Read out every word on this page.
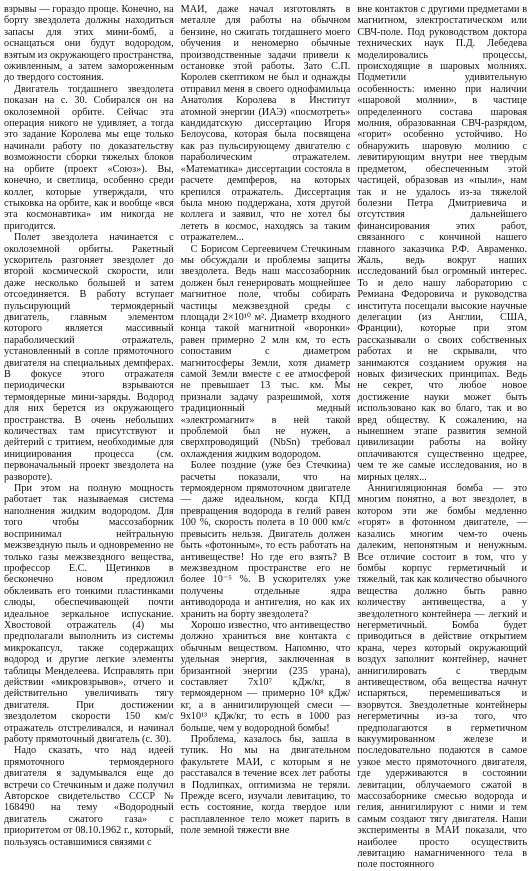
взрывы — гораздо проще. Конечно, на борту звездолета должны находиться запасы для этих мини-бомб, а оснащаться они будут водородом, взятым из окружающего пространства, оживленным, а затем замороженным до твердого состояния.

Двигатель тогдашнего звездолета показан на с. 30. Собирался он на околоземной орбите. Сейчас эта операция никого не удивляет, а тогда это задание Королева мы еще только начинали работу по доказательству возможности сборки тяжелых блоков на орбите (проект «Союз»). Вы, конечно, и светлица, особенно среди коллег, которые утверждали, что стыковка на орбите, как и вообще «вся эта космонавтика» им никогда не пригодится.

Полет звездолета начинается с околоземной орбиты. Ракетный ускоритель разгоняет звездолет до второй космической скорости, или даже несколько большей и затем отсоединяется. В работу вступает пульсирующий термоядерный двигатель, главным элементом которого является массивный параболический отражатель, установленный в сопле прямоточного двигателя на специальных демпферах. В фокусе этого отражателя периодически взрываются термоядерные мини-заряды. Водород для них берется из окружающего пространства. В очень небольших количествах там присутствуют и дейтерий с тритием, необходимые для инициирования процесса (см. первоначальный проект звездолета на развороте).

При этом на полную мощность работает так называемая система наполнения жидким водородом. Для того чтобы массозаборник воспринимал нейтральную межзвездную пыль и одновременно не только газы межзвездного вещества, профессор Е.С. Щетинков в бесконечно новом предложил обклеивать его тонкими пластинками слюды, обеспечивающей почти идеальное зеркальное испускание. Хвостовой отражатель (4) мы предполагали выполнить из системы микрокапсул, также содержащих водород и другие легкие элементы таблицы Менделеева. Исправлять при действии «микровзрывов», отчего и действительно увеличивать тягу двигателя. При достижении звездолетом скорости 150 км/с отражатель отстреливался, и начинал работу прямоточный двигатель (с. 30).

Надо сказать, что над идеей прямоточного термоядерного двигателя я задумывался еще до встречи со Стечкиным и даже получил Авторское свидетельство СССР № 168490 на тему «Водородный двигатель сжатого газа» с приоритетом от 08.10.1962 г., который, пользуясь оставшимися связями с

МАИ, даже начал изготовлять в металле для работы на обычном бензине, но сжигать тогдашнего моего обучения и неномерно обычные производственные задачи привели к остановке этой работы. Зато С.П. Королев скептиком не был и однажды отправил меня в своего однофамильца Анатолия Королева в Институт атомной энергии (ИАЭ) «посмотреть» кандидатскую диссертацию Игоря Белоусова, которая была посвящена как раз пульсирующему двигателю с параболическим отражателем. «Математика» диссертации состояла в расчете демпферов, на которых крепился отражатель. Диссертация была мною поддержана, хотя другой коллега и заявил, что не хотел бы лететь в космос, находясь за таким отражателем...

С Борисом Сергеевичем Стечкиным мы обсуждали и проблемы защиты звездолета. Ведь наш массозаборник должен был генерировать мощнейшее магнитное поле, чтобы собирать частицы межзвездной среды с площади 2×10¹⁰ м². Диаметр входного конца такой магнитной «воронки» равен примерно 2 млн км, то есть сопоставим с диаметром магнитосферы Земли, хотя диаметр самой Земли вместе с ее атмосферой не превышает 13 тыс. км. Мы признали задачу разрешимой, хотя традиционный медный «электромагнит» в ней такой проблемой был не нужен, а сверхпроводящий (NbSn) требовал охлаждения жидким водородом.

Более поздние (уже без Стечкина) расчеты показали, что на термоядерном прямоточном двигателе — даже идеальном, когда КПД превращения водорода в гелий равен 100 %, скорость полета в 10 000 км/с превысить нельзя. Двигатель должен быть «фотонным», то есть работать на антивеществе! Но где его взять? В межзвездном пространстве его не более 10⁻⁵ %. В ускорителях уже получены отдельные ядра антиводорода и антигелия, но как их хранить на борту звездолета?

Хорошо известно, что антивещество должно храниться вне контакта с обычным веществом. Напомню, что удельная энергия, заключенная в бризантной энергии (235 урана), составляет 7х10⁷ кДж/кг, в термоядерном — примерно 10⁸ кДж/кг, а в аннигилирующей смеси — 9х10¹³ кДж/кг, то есть в 1000 раз больше, чем у водородной бомбы!

Проблема, казалось бы, зашла в тупик. Но мы на двигательном факультете МАИ, с которым я не расставался в течение всех лет работы в Подлипках, оптимизма не теряли. Прежде всего, изучали левитацию, то есть состояние, когда твердое или расплавленное тело может парить в поле земной тяжести вне

вне контактов с другими предметами в магнитном, электростатическом или СВЧ-поле. Под руководством доктора технических наук П.Д. Лебедева моделировались процессы, происходящие в шаровых молниях. Подметили удивительную особенность: именно при наличии «шаровой молнии», в частице определенного состава шаровая молния, образованная СВЧ-разрядом, «горит» особенно устойчиво. Но обнаружить шаровую молнию с левитирующим внутри нее твердым предметом, обеспеченным этой частицей, образовав из «пыли», нам так и не удалось из-за тяжелой болезни Петра Дмитриевича и отсутствия дальнейшего финансирования этих работ, связанного с кончиной нашего главного заказчика Р.Ф. Авраменко. Жаль, ведь вокруг наших исследований был огромный интерес. То и дело нашу лабораторию с Ремиана Федоровича и руководства института посещали высокие научные делегации (из Англии, США, Франции), которые при этом рассказывали о своих собственных работах и не скрывали, что занимаются созданием оружия на новых физических принципах. Ведь не секрет, что любое новое достижение науки может быть использовано как во благо, так и во вред обществу. К сожалению, на нынешнем этапе развития земной цивилизации работы на войну оплачиваются существенно щедрее, чем те же самые исследования, но в мирных целях...

Аннигиляционная бомба — это многим понятно, а вот звездолет, в котором эти же бомбы медленно «горят» в фотонном двигателе, — казались многим чем-то очень далеким, непонятным и ненужным. Все отличие состоит в том, что у бомбы корпус герметичный и тяжелый, так как количество обычного вещества должно быть равно количеству антивещества, а у звездолетного контейнера — легкий и негерметичный. Бомба будет приводиться в действие открытием крана, через который окружающий воздух заполнит контейнер, начнет аннигилировать с твердым антивеществом, оба вещества начнут испаряться, перемешиваться и взорвутся. Звездолетные контейнеры негерметичны из-за того, что предполагаются в герметичном вакуумированном железе и последовательно подаются в самое узкое место прямоточного двигателя, где удерживаются в состоянии левитации, облучаемого сжатой в массозаборнике смесью водорода и гелия, аннигилируют с ними и тем самым создают тягу двигателя. Наши эксперименты в МАИ показали, что наиболее просто осуществить левитацию намагниченного тела в поле постоянного
